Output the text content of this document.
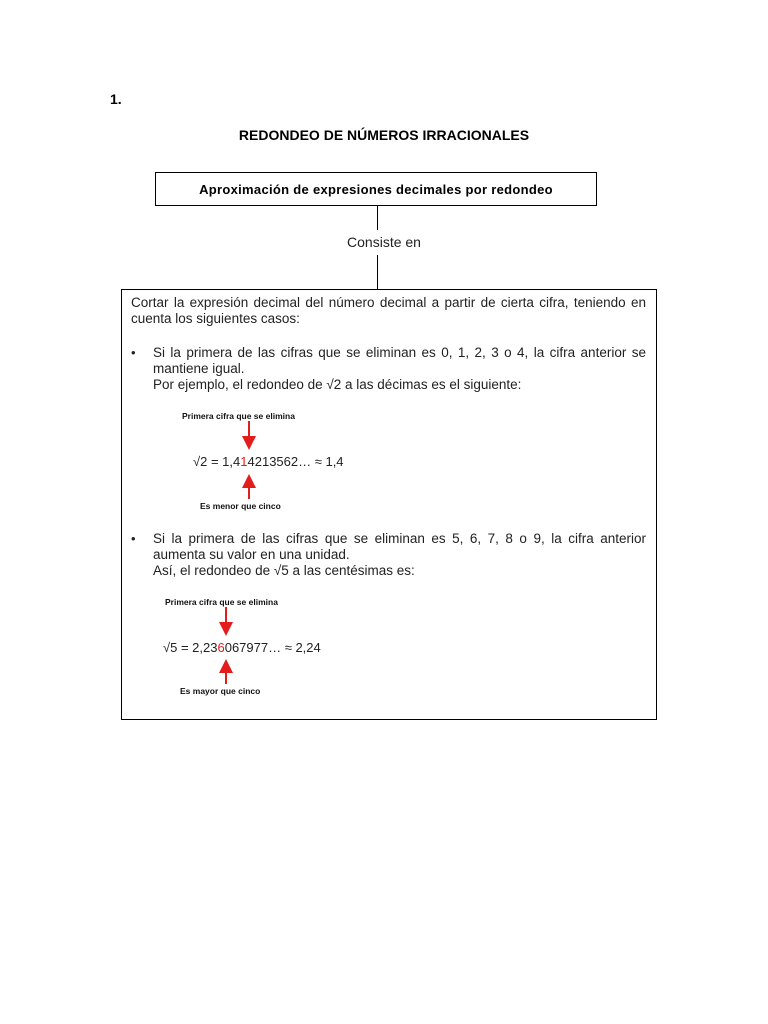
1.
REDONDEO DE NÚMEROS IRRACIONALES
Aproximación de expresiones decimales por redondeo
Consiste en
Cortar la expresión decimal del número decimal a partir de cierta cifra, teniendo en cuenta los siguientes casos:
• Si la primera de las cifras que se eliminan es 0, 1, 2, 3 o 4, la cifra anterior se mantiene igual.
Por ejemplo, el redondeo de √2 a las décimas es el siguiente:
Primera cifra que se elimina
√2 = 1,414213562… ≈ 1,4
Es menor que cinco
• Si la primera de las cifras que se eliminan es 5, 6, 7, 8 o 9, la cifra anterior aumenta su valor en una unidad.
Así, el redondeo de √5 a las centésimas es:
Primera cifra que se elimina
√5 = 2,236067977… ≈ 2,24
Es mayor que cinco
